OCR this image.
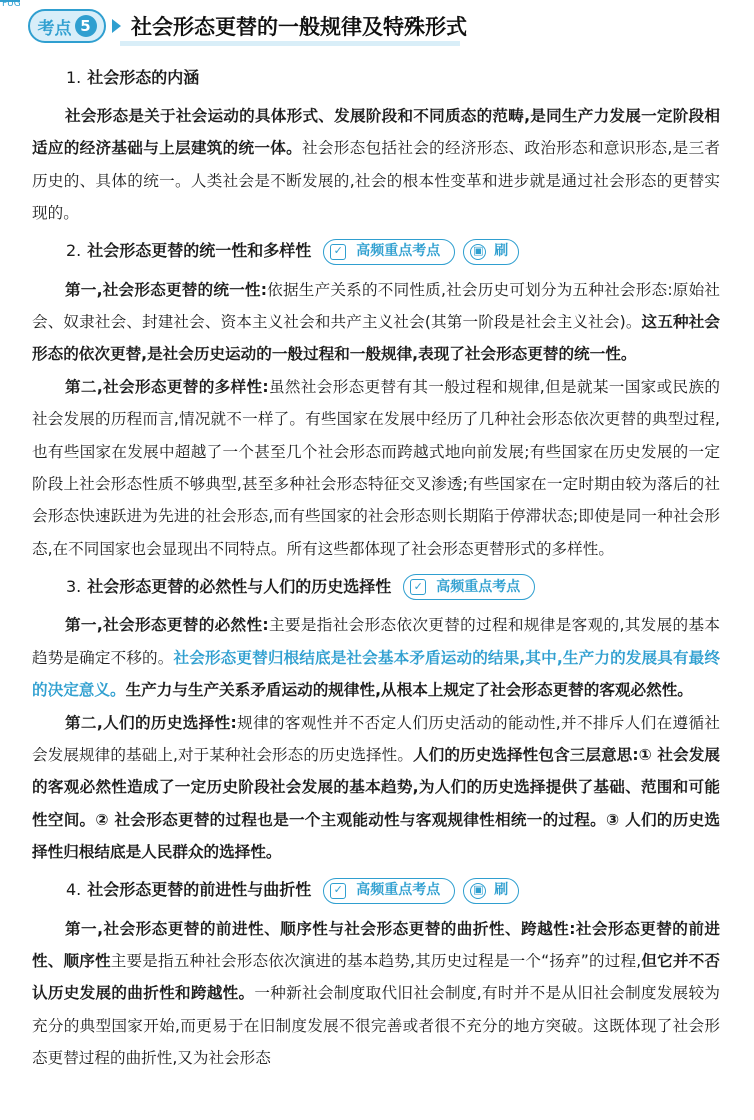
FUG
考点 5 社会形态更替的一般规律及特殊形式
1. 社会形态的内涵
社会形态是关于社会运动的具体形式、发展阶段和不同质态的范畴,是同生产力发展一定阶段相适应的经济基础与上层建筑的统一体。社会形态包括社会的经济形态、政治形态和意识形态,是三者历史的、具体的统一。人类社会是不断发展的,社会的根本性变革和进步就是通过社会形态的更替实现的。
2. 社会形态更替的统一性和多样性	✓ 高频重点考点	▣ 刷
第一,社会形态更替的统一性:依据生产关系的不同性质,社会历史可划分为五种社会形态:原始社会、奴隶社会、封建社会、资本主义社会和共产主义社会(其第一阶段是社会主义社会)。这五种社会形态的依次更替,是社会历史运动的一般过程和一般规律,表现了社会形态更替的统一性。
第二,社会形态更替的多样性:虽然社会形态更替有其一般过程和规律,但是就某一国家或民族的社会发展的历程而言,情况就不一样了。有些国家在发展中经历了几种社会形态依次更替的典型过程,也有些国家在发展中超越了一个甚至几个社会形态而跨越式地向前发展;有些国家在历史发展的一定阶段上社会形态性质不够典型,甚至多种社会形态特征交叉渗透;有些国家在一定时期由较为落后的社会形态快速跃进为先进的社会形态,而有些国家的社会形态则长期陷于停滞状态;即使是同一种社会形态,在不同国家也会显现出不同特点。所有这些都体现了社会形态更替形式的多样性。
3. 社会形态更替的必然性与人们的历史选择性	✓ 高频重点考点
第一,社会形态更替的必然性:主要是指社会形态依次更替的过程和规律是客观的,其发展的基本趋势是确定不移的。社会形态更替归根结底是社会基本矛盾运动的结果,其中,生产力的发展具有最终的决定意义。生产力与生产关系矛盾运动的规律性,从根本上规定了社会形态更替的客观必然性。
第二,人们的历史选择性:规律的客观性并不否定人们历史活动的能动性,并不排斥人们在遵循社会发展规律的基础上,对于某种社会形态的历史选择性。人们的历史选择性包含三层意思:① 社会发展的客观必然性造成了一定历史阶段社会发展的基本趋势,为人们的历史选择提供了基础、范围和可能性空间。② 社会形态更替的过程也是一个主观能动性与客观规律性相统一的过程。③ 人们的历史选择性归根结底是人民群众的选择性。
4. 社会形态更替的前进性与曲折性	✓ 高频重点考点	▣ 刷
第一,社会形态更替的前进性、顺序性与社会形态更替的曲折性、跨越性:社会形态更替的前进性、顺序性主要是指五种社会形态依次演进的基本趋势,其历史过程是一个“扬弃”的过程,但它并不否认历史发展的曲折性和跨越性。一种新社会制度取代旧社会制度,有时并不是从旧社会制度发展较为充分的典型国家开始,而更易于在旧制度发展不很完善或者很不充分的地方突破。这既体现了社会形态更替过程的曲折性,又为社会形态
